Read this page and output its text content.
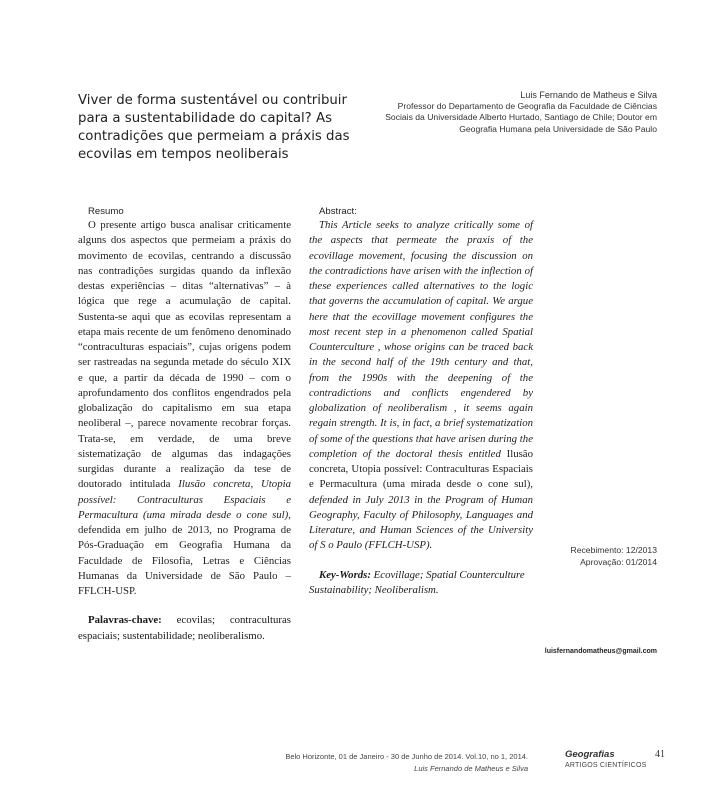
Viver de forma sustentável ou contribuir para a sustentabilidade do capital? As contradições que permeiam a práxis das ecovilas em tempos neoliberais
Luis Fernando de Matheus e Silva
Professor do Departamento de Geografia da Faculdade de Ciências
Sociais da Universidade Alberto Hurtado, Santiago de Chile; Doutor em
Geografia Humana pela Universidade de São Paulo
Resumo

O presente artigo busca analisar criticamente alguns dos aspectos que permeiam a práxis do movimento de ecovilas, centrando a discussão nas contradições surgidas quando da inflexão destas experiências – ditas “alternativas” – à lógica que rege a acumulação de capital. Sustenta-se aqui que as ecovilas representam a etapa mais recente de um fenômeno denominado “contraculturas espaciais”, cujas origens podem ser rastreadas na segunda metade do século XIX e que, a partir da década de 1990 – com o aprofundamento dos conflitos engendrados pela globalização do capitalismo em sua etapa neoliberal –, parece novamente recobrar forças. Trata-se, em verdade, de uma breve sistematização de algumas das indagações surgidas durante a realização da tese de doutorado intitulada Ilusão concreta, Utopia possível: Contraculturas Espaciais e Permacultura (uma mirada desde o cone sul), defendida em julho de 2013, no Programa de Pós-Graduação em Geografia Humana da Faculdade de Filosofia, Letras e Ciências Humanas da Universidade de São Paulo – FFLCH-USP.

Palavras-chave: ecovilas; contraculturas espaciais; sustentabilidade; neoliberalismo.

Abstract:

This Article seeks to analyze critically some of the aspects that permeate the praxis of the ecovillage movement, focusing the discussion on the contradictions have arisen with the inflection of these experiences called alternatives to the logic that governs the accumulation of capital. We argue here that the ecovillage movement configures the most recent step in a phenomenon called Spatial Counterculture , whose origins can be traced back in the second half of the 19th century and that, from the 1990s with the deepening of the contradictions and conflicts engendered by globalization of neoliberalism , it seems again regain strength. It is, in fact, a brief systematization of some of the questions that have arisen during the completion of the doctoral thesis entitled Ilusão concreta, Utopia possível: Contraculturas Espaciais e Permacultura (uma mirada desde o cone sul), defended in July 2013 in the Program of Human Geography, Faculty of Philosophy, Languages and Literature, and Human Sciences of the University of S o Paulo (FFLCH-USP).

Key-Words: Ecovillage; Spatial Counterculture Sustainability; Neoliberalism.

Recebimento: 12/2013
Aprovação: 01/2014
luisfernandomatheus@gmail.com
Belo Horizonte, 01 de Janeiro - 30 de Junho de 2014. Vol.10, no 1, 2014.
Luis Fernando de Matheus e Silva
Geografias
ARTIGOS CIENTÍFICOS
41
